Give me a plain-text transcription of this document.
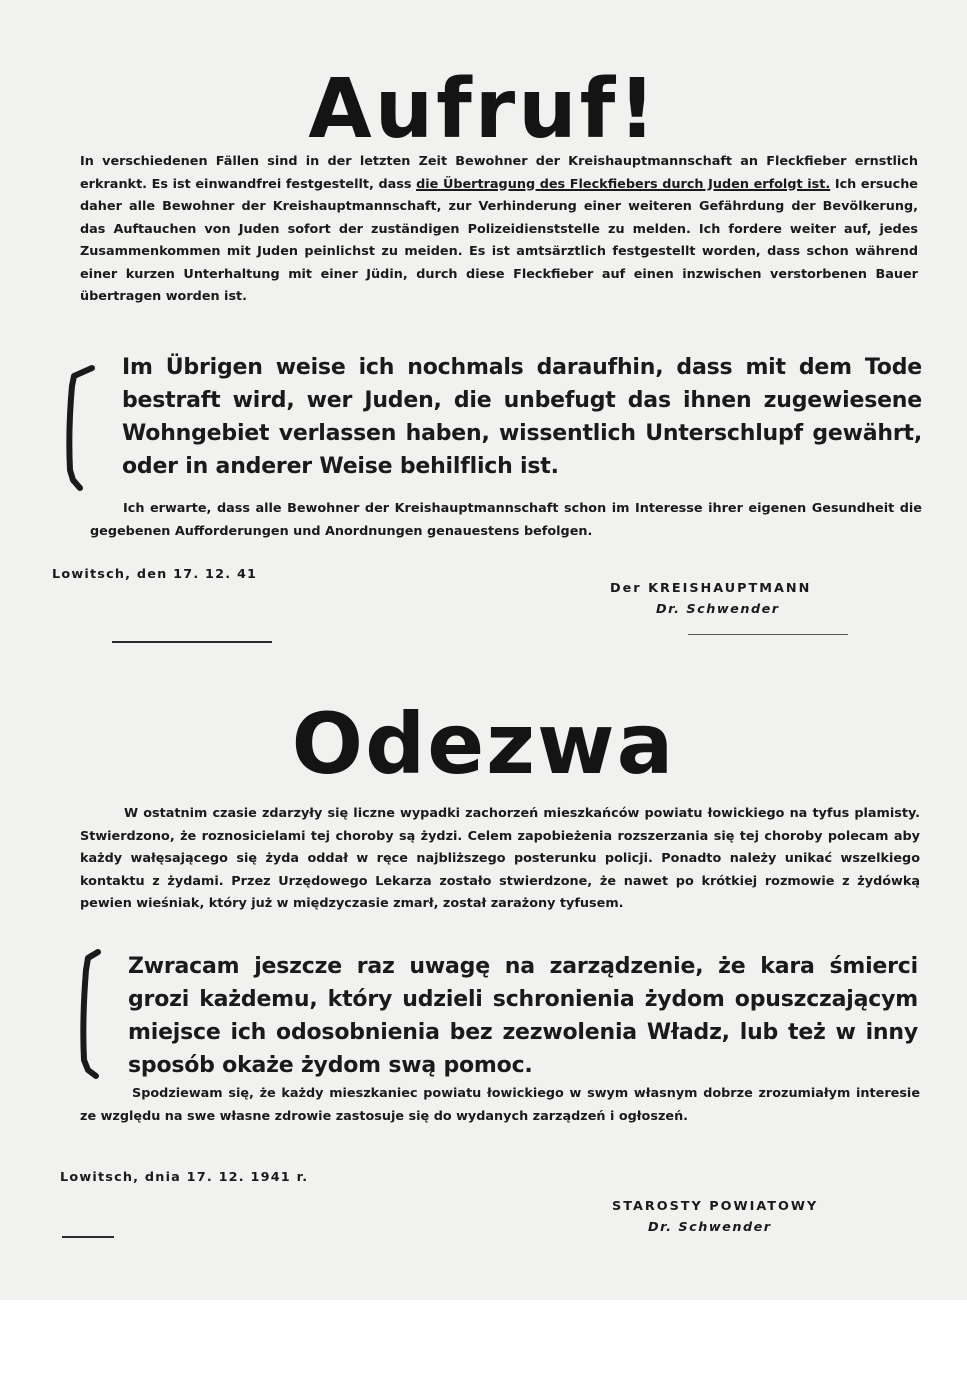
Aufruf!

In verschiedenen Fällen sind in der letzten Zeit Bewohner der Kreishauptmannschaft an Fleckfieber ernstlich erkrankt. Es ist einwandfrei festgestellt, dass die Übertragung des Fleckfiebers durch Juden erfolgt ist. Ich ersuche daher alle Bewohner der Kreishauptmannschaft, zur Verhinderung einer weiteren Gefährdung der Bevölkerung, das Auftauchen von Juden sofort der zuständigen Polizeidienststelle zu melden. Ich fordere weiter auf, jedes Zusammenkommen mit Juden peinlichst zu meiden. Es ist amtsärztlich festgestellt worden, dass schon während einer kurzen Unterhaltung mit einer Jüdin, durch diese Fleckfieber auf einen inzwischen verstorbenen Bauer übertragen worden ist.

Im Übrigen weise ich nochmals daraufhin, dass mit dem Tode bestraft wird, wer Juden, die unbefugt das ihnen zugewiesene Wohngebiet verlassen haben, wissentlich Unterschlupf gewährt, oder in anderer Weise behilflich ist.

Ich erwarte, dass alle Bewohner der Kreishauptmannschaft schon im Interesse ihrer eigenen Gesundheit die gegebenen Aufforderungen und Anordnungen genauestens befolgen.

Lowitsch, den 17. 12. 41
Der KREISHAUPTMANN
Dr. Schwender
Odezwa

W ostatnim czasie zdarzyły się liczne wypadki zachorzeń mieszkańców powiatu łowickiego na tyfus plamisty. Stwierdzono, że roznosicielami tej choroby są żydzi. Celem zapobieżenia rozszerzania się tej choroby polecam aby każdy wałęsającego się żyda oddał w ręce najbliższego posterunku policji. Ponadto należy unikać wszelkiego kontaktu z żydami. Przez Urzędowego Lekarza zostało stwierdzone, że nawet po krótkiej rozmowie z żydówką pewien wieśniak, który już w międzyczasie zmarł, został zarażony tyfusem.

Zwracam jeszcze raz uwagę na zarządzenie, że kara śmierci grozi każdemu, który udzieli schronienia żydom opuszczającym miejsce ich odosobnienia bez zezwolenia Władz, lub też w inny sposób okaże żydom swą pomoc.

Spodziewam się, że każdy mieszkaniec powiatu łowickiego w swym własnym dobrze zrozumiałym interesie ze względu na swe własne zdrowie zastosuje się do wydanych zarządzeń i ogłoszeń.

Lowitsch, dnia 17. 12. 1941 r.
STAROSTY POWIATOWY
Dr. Schwender
